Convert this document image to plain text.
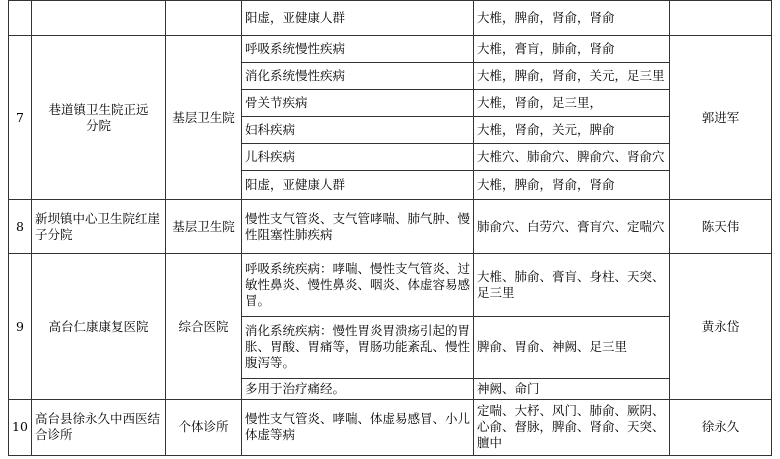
			阳虚，亚健康人群	大椎，脾俞，肾俞，肾俞	
7	巷道镇卫生院正远分院	基层卫生院	呼吸系统慢性疾病	大椎，膏肓，肺俞，肾俞	郭进军
			消化系统慢性疾病	大椎，脾俞，肾俞，关元，足三里	
			骨关节疾病	大椎，肾俞，足三里，	
			妇科疾病	大椎，肾俞，关元，脾俞	
			儿科疾病	大椎穴、肺俞穴、脾俞穴、肾俞穴	
			阳虚，亚健康人群	大椎，脾俞，肾俞，肾俞	
8	新坝镇中心卫生院红崖子分院	基层卫生院	慢性支气管炎、支气管哮喘、肺气肿、慢性阻塞性肺疾病	肺俞穴、白劳穴、膏肓穴、定喘穴	陈天伟
9	高台仁康康复医院	综合医院	呼吸系统疾病：哮喘、慢性支气管炎、过敏性鼻炎、慢性鼻炎、咽炎、体虚容易感冒。	大椎、肺俞、膏肓、身柱、天突、足三里	黄永岱
			消化系统疾病：慢性胃炎胃溃疡引起的胃胀、胃酸、胃痛等，胃肠功能紊乱、慢性腹泻等。	脾俞、胃俞、神阙、足三里	
			多用于治疗痛经。	神阙、命门	
10	高台县徐永久中西医结合诊所	个体诊所	慢性支气管炎、哮喘、体虚易感冒、小儿体虚等病	定喘、大杼、风门、肺俞、厥阴、心俞、督脉，脾俞、肾俞、天突、膻中	徐永久
